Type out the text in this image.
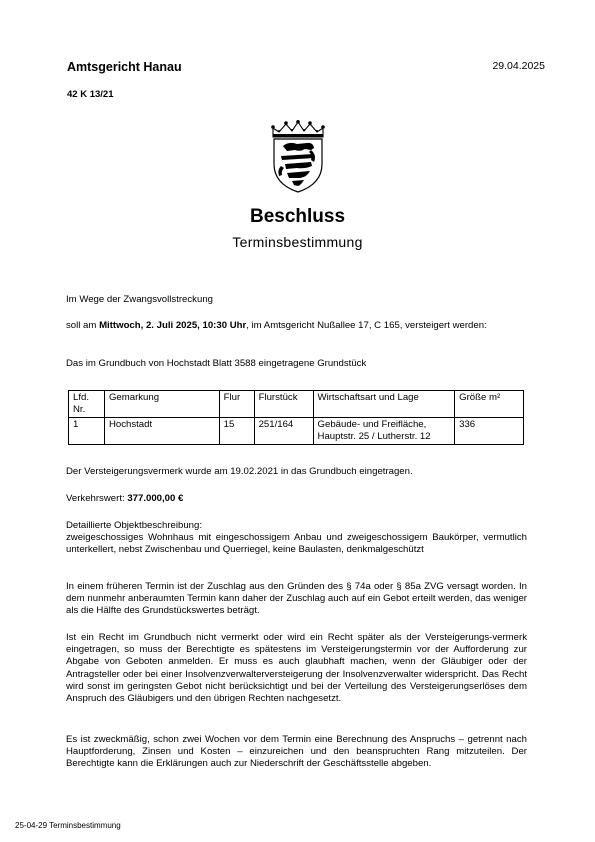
Amtsgericht Hanau	29.04.2025
42 K 13/21
Beschluss
Terminsbestimmung
Im Wege der Zwangsvollstreckung
soll am Mittwoch, 2. Juli 2025, 10:30 Uhr, im Amtsgericht Nußallee 17, C 165, versteigert werden:
Das im Grundbuch von Hochstadt Blatt 3588 eingetragene Grundstück
Lfd. Nr.	Gemarkung	Flur	Flurstück	Wirtschaftsart und Lage	Größe m²
1	Hochstadt	15	251/164	Gebäude- und Freifläche, Hauptstr. 25 / Lutherstr. 12	336
Der Versteigerungsvermerk wurde am 19.02.2021 in das Grundbuch eingetragen.
Verkehrswert: 377.000,00 €
Detaillierte Objektbeschreibung:
zweigeschossiges Wohnhaus mit eingeschossigem Anbau und zweigeschossigem Baukörper, vermutlich unterkellert, nebst Zwischenbau und Querriegel, keine Baulasten, denkmalgeschützt
In einem früheren Termin ist der Zuschlag aus den Gründen des § 74a oder § 85a ZVG versagt worden. In dem nunmehr anberaumten Termin kann daher der Zuschlag auch auf ein Gebot erteilt werden, das weniger als die Hälfte des Grundstückswertes beträgt.
Ist ein Recht im Grundbuch nicht vermerkt oder wird ein Recht später als der Versteigerungs-vermerk eingetragen, so muss der Berechtigte es spätestens im Versteigerungstermin vor der Aufforderung zur Abgabe von Geboten anmelden. Er muss es auch glaubhaft machen, wenn der Gläubiger oder der Antragsteller oder bei einer Insolvenzverwalterversteigerung der Insolvenzverwalter widerspricht. Das Recht wird sonst im geringsten Gebot nicht berücksichtigt und bei der Verteilung des Versteigerungserlöses dem Anspruch des Gläubigers und den übrigen Rechten nachgesetzt.
Es ist zweckmäßig, schon zwei Wochen vor dem Termin eine Berechnung des Anspruchs – getrennt nach Hauptforderung, Zinsen und Kosten – einzureichen und den beanspruchten Rang mitzuteilen. Der Berechtigte kann die Erklärungen auch zur Niederschrift der Geschäftsstelle abgeben.
25-04-29 Terminsbestimmung
